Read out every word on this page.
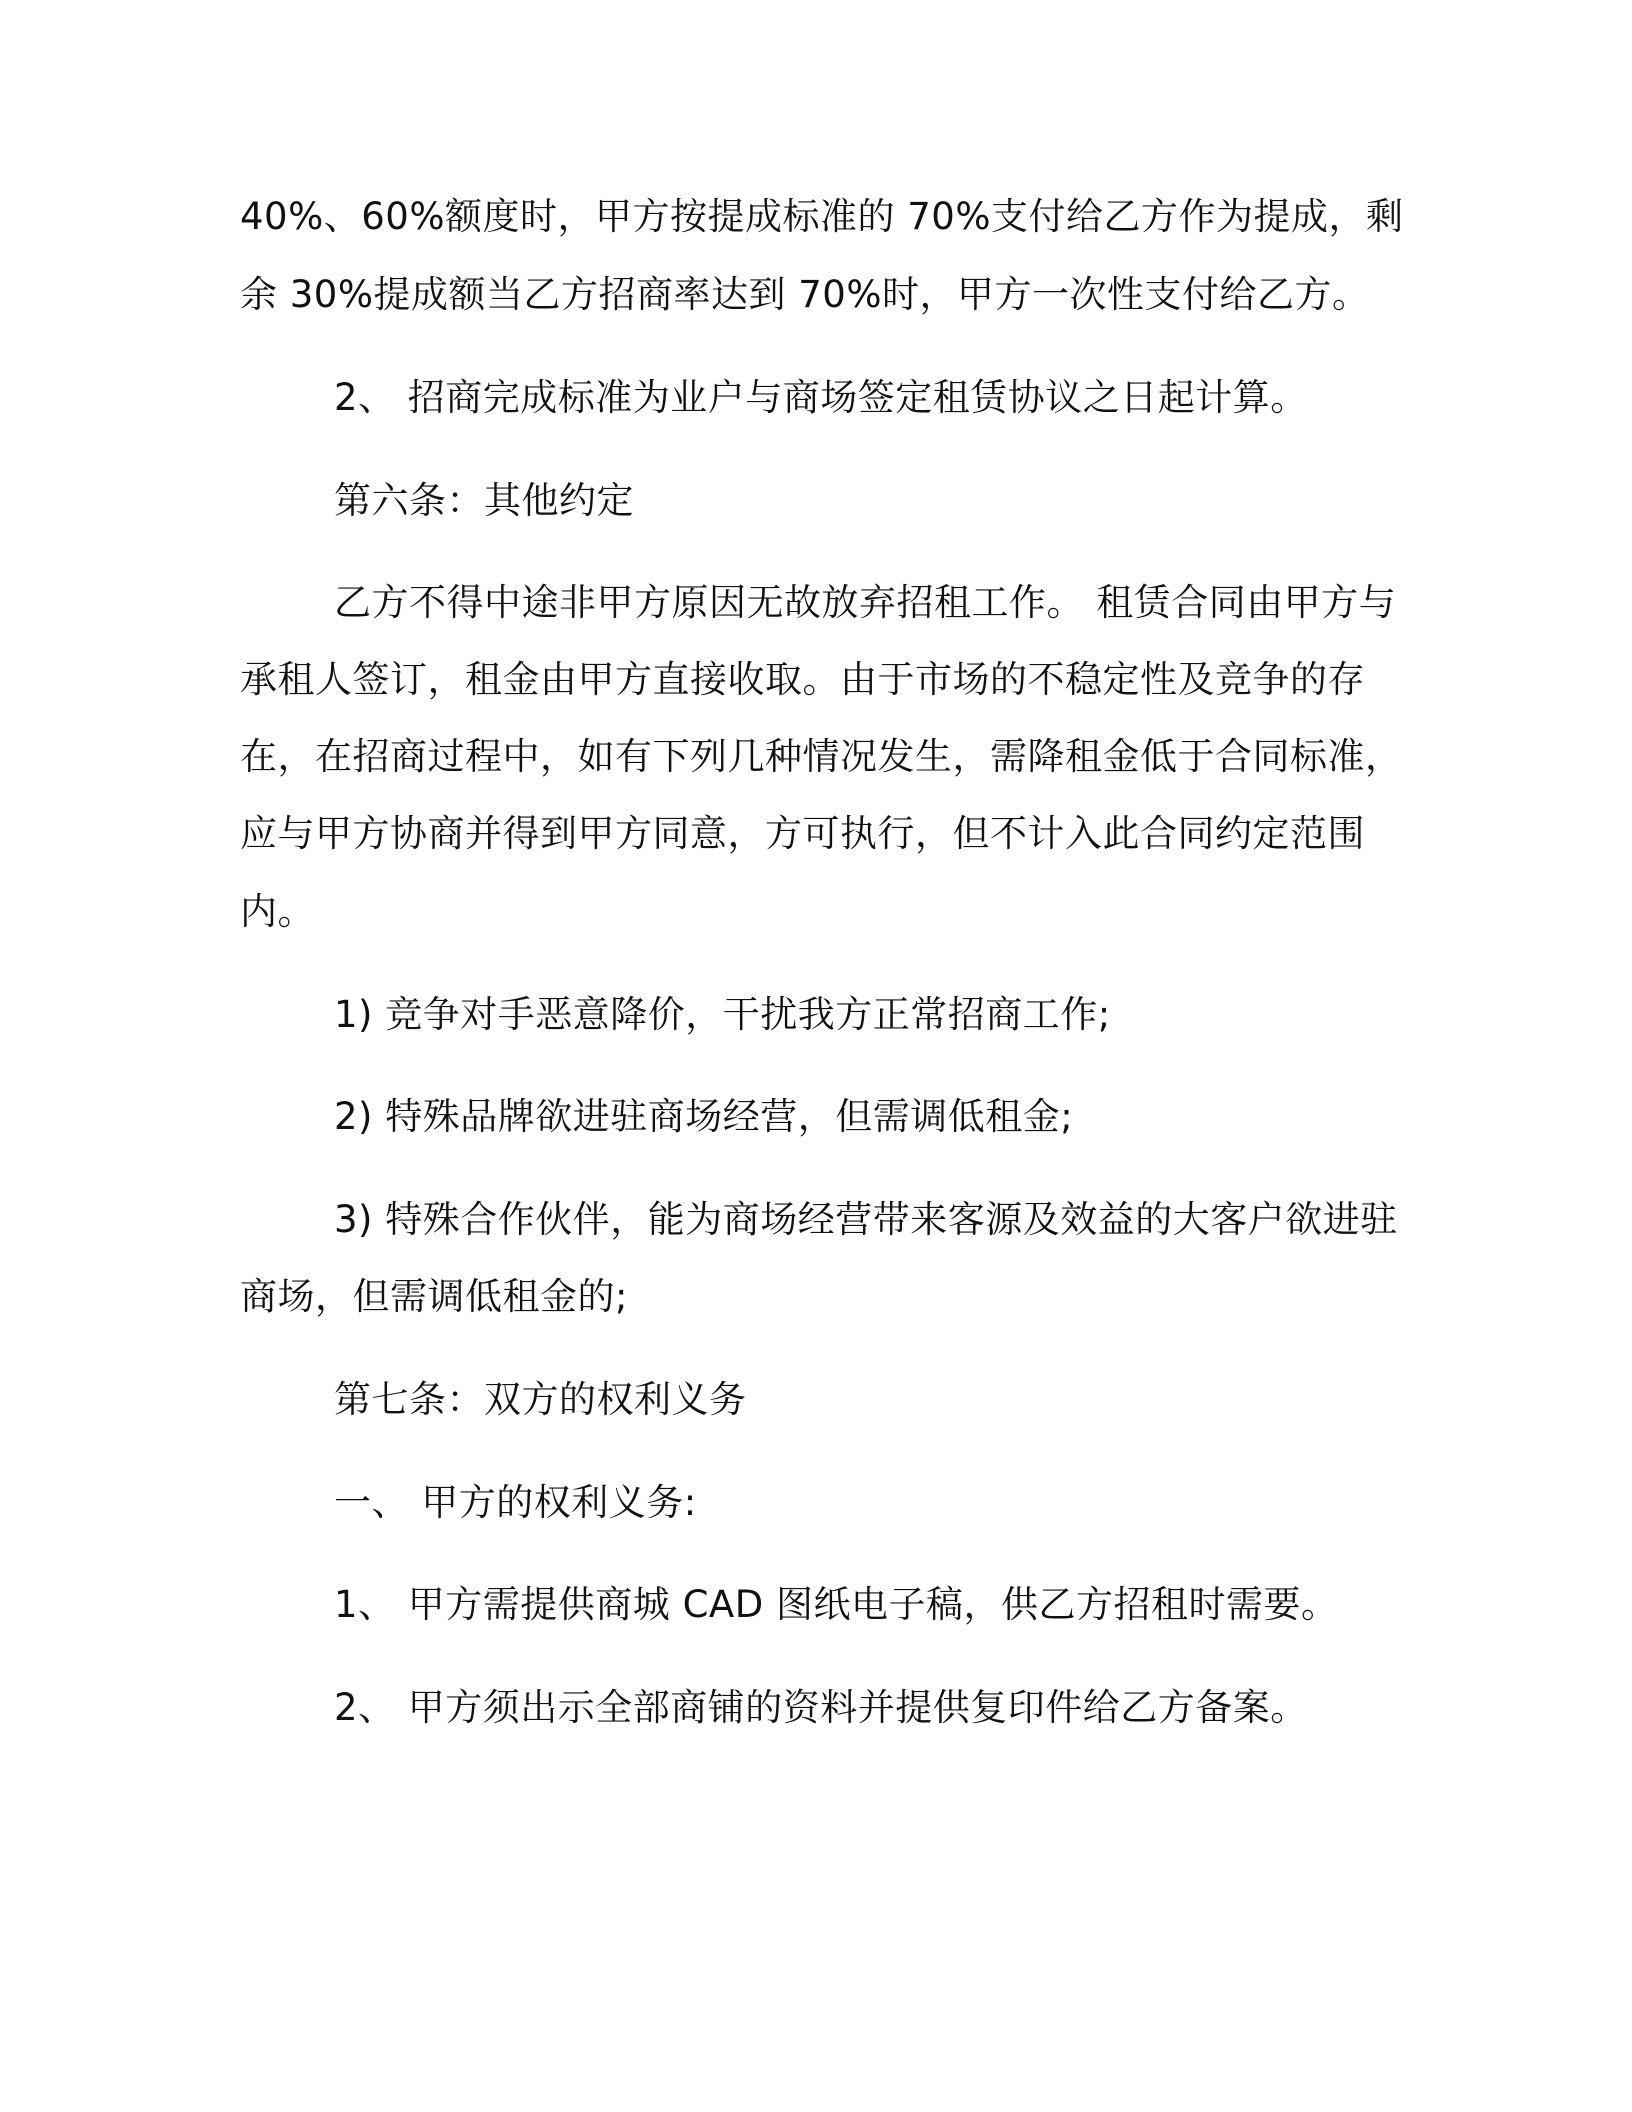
40%、60%额度时，甲方按提成标准的 70%支付给乙方作为提成，剩
余 30%提成额当乙方招商率达到 70%时，甲方一次性支付给乙方。
2、 招商完成标准为业户与商场签定租赁协议之日起计算。
第六条：其他约定
乙方不得中途非甲方原因无故放弃招租工作。 租赁合同由甲方与
承租人签订，租金由甲方直接收取。由于市场的不稳定性及竞争的存
在，在招商过程中，如有下列几种情况发生，需降租金低于合同标准，
应与甲方协商并得到甲方同意，方可执行，但不计入此合同约定范围
内。
1) 竞争对手恶意降价，干扰我方正常招商工作;
2) 特殊品牌欲进驻商场经营，但需调低租金;
3) 特殊合作伙伴，能为商场经营带来客源及效益的大客户欲进驻
商场，但需调低租金的;
第七条：双方的权利义务
一、 甲方的权利义务:
1、 甲方需提供商城 CAD 图纸电子稿，供乙方招租时需要。
2、 甲方须出示全部商铺的资料并提供复印件给乙方备案。
